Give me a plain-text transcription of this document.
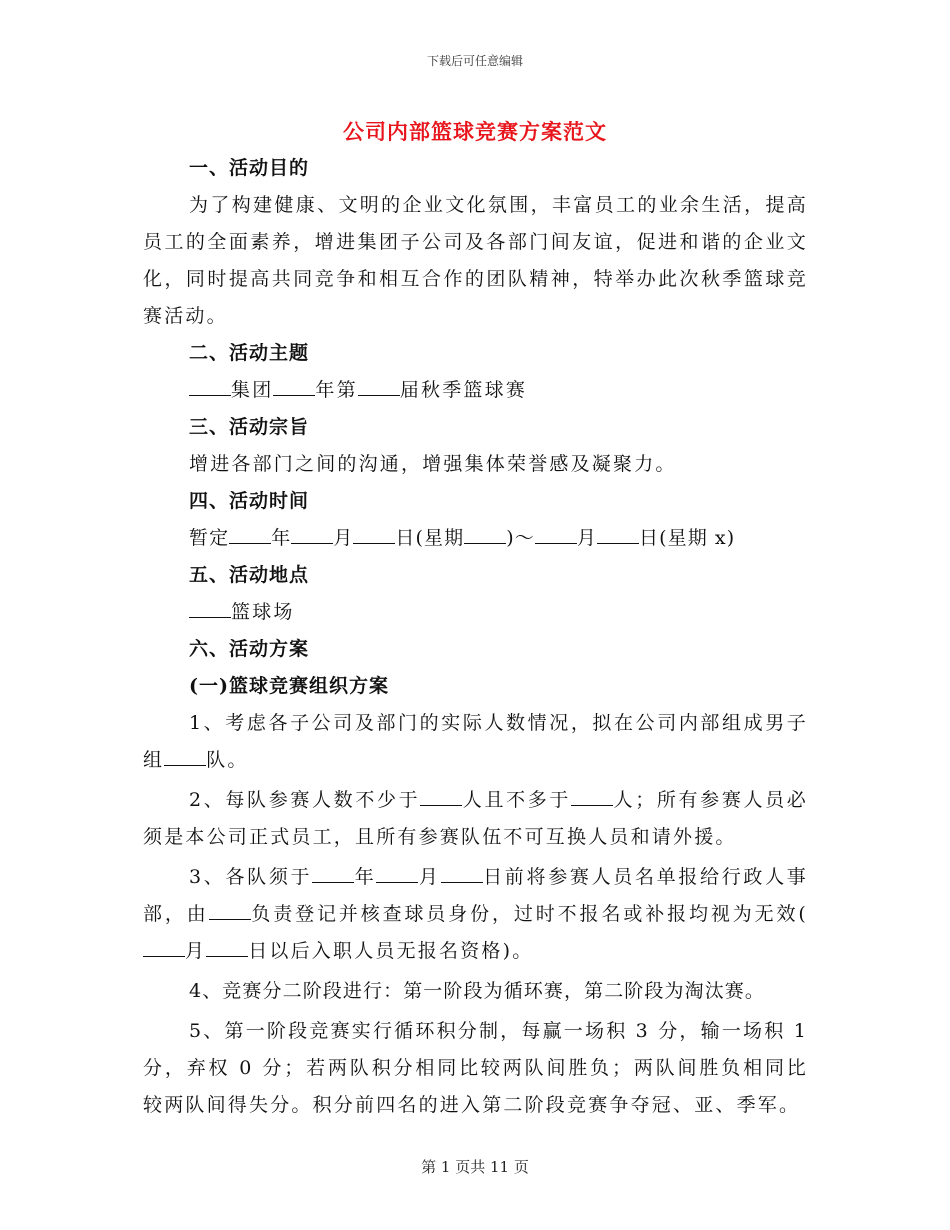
下载后可任意编辑
公司内部篮球竞赛方案范文
一、活动目的
为了构建健康、文明的企业文化氛围，丰富员工的业余生活，提高员工的全面素养，增进集团子公司及各部门间友谊，促进和谐的企业文化，同时提高共同竞争和相互合作的团队精神，特举办此次秋季篮球竞赛活动。
二、活动主题
集团 年第 届秋季篮球赛
三、活动宗旨
增进各部门之间的沟通，增强集体荣誉感及凝聚力。
四、活动时间
暂定 年 月 日(星期 )～ 月 日(星期 x)
五、活动地点
篮球场
六、活动方案
(一)篮球竞赛组织方案
1、考虑各子公司及部门的实际人数情况，拟在公司内部组成男子组 队。
2、每队参赛人数不少于 人且不多于 人；所有参赛人员必须是本公司正式员工，且所有参赛队伍不可互换人员和请外援。
3、各队须于 年 月 日前将参赛人员名单报给行政人事部，由 负责登记并核查球员身份，过时不报名或补报均视为无效(月 日以后入职人员无报名资格)。
4、竞赛分二阶段进行：第一阶段为循环赛，第二阶段为淘汰赛。
5、第一阶段竞赛实行循环积分制，每赢一场积 3 分，输一场积 1 分，弃权 0 分；若两队积分相同比较两队间胜负；两队间胜负相同比较两队间得失分。积分前四名的进入第二阶段竞赛争夺冠、亚、季军。
第 1 页共 11 页
